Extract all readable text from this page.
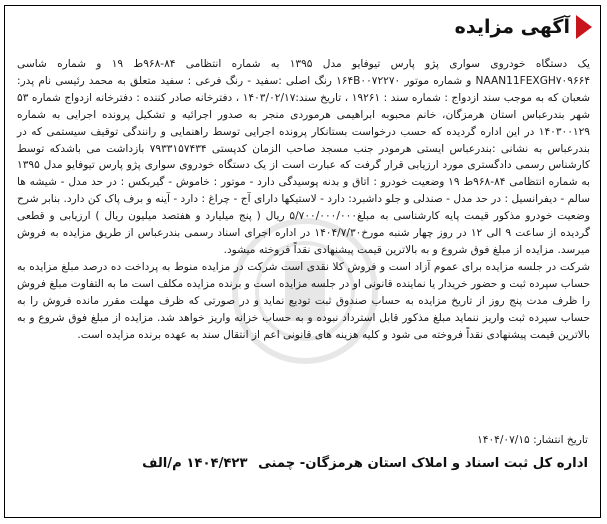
آگهی مزایده

یک دستگاه خودروی سواری پژو پارس تیوفایو مدل ۱۳۹۵ به شماره انتظامی ۸۴-۹۶۸ط ۱۹ و شماره شاسی NAAN11FEXGH۷۰۹۶۶۴ و شماره موتور ۱۶۴B۰۰۷۲۲۷۰ رنگ اصلی :سفید - رنگ فرعی : سفید متعلق به محمد رئیسی نام پدر: شعبان که به موجب سند ازدواج : شماره سند : ۱۹۲۶۱ ، تاریخ سند:۱۴۰۳/۰۲/۱۷ ، دفترخانه صادر کننده : دفترخانه ازدواج شماره ۵۳ شهر بندرعباس استان هرمزگان، خانم محبوبه ابراهیمی هرموردی منجر به صدور اجرائیه و تشکیل پرونده اجرایی به شماره ۱۴۰۳۰۰۱۲۹ در این اداره گردیده که حسب درخواست بستانکار پرونده اجرایی توسط راهنمایی و رانندگی توقیف سیستمی که در بندرعباس به نشانی :بندرعباس ایستی هرمودر جنب مسجد صاحب الزمان کدپستی ۷۹۳۳۱۵۷۴۳۴ بازداشت می باشدکه توسط کارشناس رسمی دادگستری مورد ارزیابی قرار گرفت که عبارت است از یک دستگاه خودروی سواری پژو پارس تیوفایو مدل ۱۳۹۵ به شماره انتظامی ۸۴-۹۶۸ط ۱۹ وضعیت خودرو : اتاق و بدنه پوسیدگی دارد - موتور : خاموش - گیربکس : در حد مدل - شیشه ها سالم - دیفرانسیل : در حد مدل - صندلی و جلو داشبرد: دارد - لاستیکها دارای آج - چراغ : دارد - آینه و برف پاک کن دارد. بنابر شرح وضعیت خودرو مذکور قیمت پایه کارشناسی به مبلغ۵/۷۰۰/۰۰۰/۰۰۰ ریال ( پنج میلیارد و هفتصد میلیون ریال ) ارزیابی و قطعی گردیده از ساعت ۹ الی ۱۲ در روز چهار شنبه مورخ۱۴۰۴/۷/۳۰ در اداره اجرای اسناد رسمی بندرعباس از طریق مزایده به فروش میرسد. مزایده از مبلغ فوق شروع و به بالاترین قیمت پیشنهادی نقداً فروخته میشود.

شرکت در جلسه مزایده برای عموم آزاد است و فروش کلا نقدی است شرکت در مزایده منوط به پرداخت ده درصد مبلغ مزایده به حساب سپرده ثبت و حضور خریدار یا نماینده قانونی او در جلسه مزایده است و برنده مزایده مکلف است ما به التفاوت مبلغ فروش را ظرف مدت پنج روز از تاریخ مزایده به حساب صندوق ثبت تودیع نماید و در صورتی که ظرف مهلت مقرر مانده فروش را به حساب سپرده ثبت واریز ننماید مبلغ مذکور قابل استرداد نبوده و به حساب خزانه واریز خواهد شد. مزایده از مبلغ فوق شروع و به بالاترین قیمت پیشنهادی نقداً فروخته می شود و کلیه هزینه های قانونی اعم از انتقال سند به عهده برنده مزایده است.

تاریخ انتشار: ۱۴۰۴/۰۷/۱۵
اداره کل ثبت اسناد و املاک استان هرمزگان- چمنی ۱۴۰۴/۴۲۳ م/الف
